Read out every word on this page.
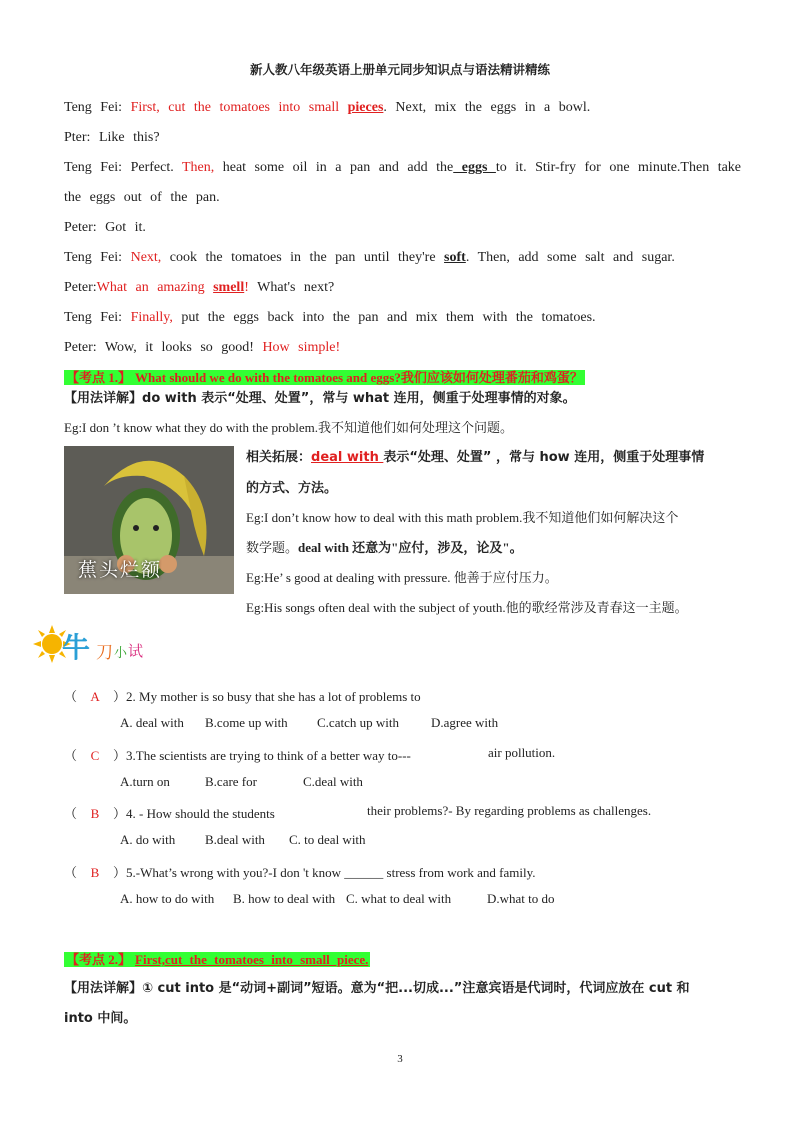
新人教八年级英语上册单元同步知识点与语法精讲精练
Teng Fei: First, cut the tomatoes into small pieces. Next, mix the eggs in a bowl.
Pter: Like this?
Teng Fei: Perfect. Then, heat some oil in a pan and add the eggs to it. Stir-fry for one minute.Then take
the eggs out of the pan.
Peter: Got it.
Teng Fei: Next, cook the tomatoes in the pan until they're soft. Then, add some salt and sugar.
Peter:What an amazing smell! What's next?
Teng Fei: Finally, put the eggs back into the pan and mix them with the tomatoes.
Peter: Wow, it looks so good! How simple!
【考点 1.】 What should we do with the tomatoes and eggs?我们应该如何处理番茄和鸡蛋？
【用法详解】do with 表示“处理、处置”，常与 what 连用，侧重于处理事情的对象。
Eg:I don ’t know what they do with the problem.我不知道他们如何处理这个问题。
蕉头烂额
相关拓展：deal with 表示“处理、处置” ，常与 how 连用，侧重于处理事情
的方式、方法。
Eg:I don’t know how to deal with this math problem.我不知道他们如何解决这个
数学题。deal with 还意为"应付，涉及，论及"。
Eg:He’ s good at dealing with pressure. 他善于应付压力。
Eg:His songs often deal with the subject of youth.他的歌经常涉及青春这一主题。
牛 刀 小 试
（ A ）2. My mother is so busy that she has a lot of problems to
A. deal with B.come up with C.catch up with D.agree with
（ C ）3.The scientists are trying to think of a better way to---	air pollution.
A.turn on	B.care for	C.deal with
（ B ）4. - How should the students	their problems?- By regarding problems as challenges.
A. do with B.deal with C. to deal with
（ B ）5.-What’s wrong with you?-I don 't know ______ stress from work and family.
A. how to do with B. how to deal with C. what to deal with	D.what to do
【考点 2.】 First,cut the tomatoes into small piece.
【用法详解】① cut into 是“动词+副词”短语。意为“把...切成...”注意宾语是代词时，代词应放在 cut 和
into 中间。
3
